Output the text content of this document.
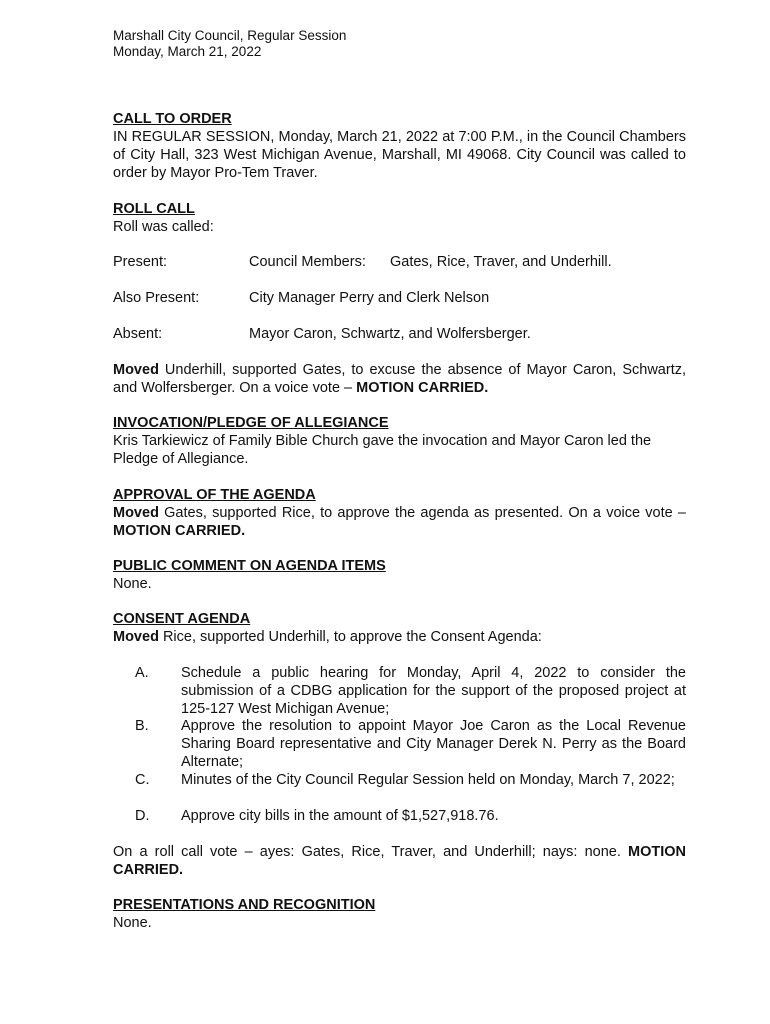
Marshall City Council, Regular Session
Monday, March 21, 2022
CALL TO ORDER
IN REGULAR SESSION, Monday, March 21, 2022 at 7:00 P.M., in the Council Chambers of City Hall, 323 West Michigan Avenue, Marshall, MI 49068. City Council was called to order by Mayor Pro-Tem Traver.
ROLL CALL
Roll was called:
Present:	Council Members: Gates, Rice, Traver, and Underhill.
Also Present:	City Manager Perry and Clerk Nelson
Absent:	Mayor Caron, Schwartz, and Wolfersberger.
Moved Underhill, supported Gates, to excuse the absence of Mayor Caron, Schwartz, and Wolfersberger. On a voice vote – MOTION CARRIED.
INVOCATION/PLEDGE OF ALLEGIANCE
Kris Tarkiewicz of Family Bible Church gave the invocation and Mayor Caron led the Pledge of Allegiance.
APPROVAL OF THE AGENDA
Moved Gates, supported Rice, to approve the agenda as presented. On a voice vote – MOTION CARRIED.
PUBLIC COMMENT ON AGENDA ITEMS
None.
CONSENT AGENDA
Moved Rice, supported Underhill, to approve the Consent Agenda:
A. Schedule a public hearing for Monday, April 4, 2022 to consider the submission of a CDBG application for the support of the proposed project at 125-127 West Michigan Avenue;
B. Approve the resolution to appoint Mayor Joe Caron as the Local Revenue Sharing Board representative and City Manager Derek N. Perry as the Board Alternate;
C. Minutes of the City Council Regular Session held on Monday, March 7, 2022;
D. Approve city bills in the amount of $1,527,918.76.
On a roll call vote – ayes: Gates, Rice, Traver, and Underhill; nays: none. MOTION CARRIED.
PRESENTATIONS AND RECOGNITION
None.
